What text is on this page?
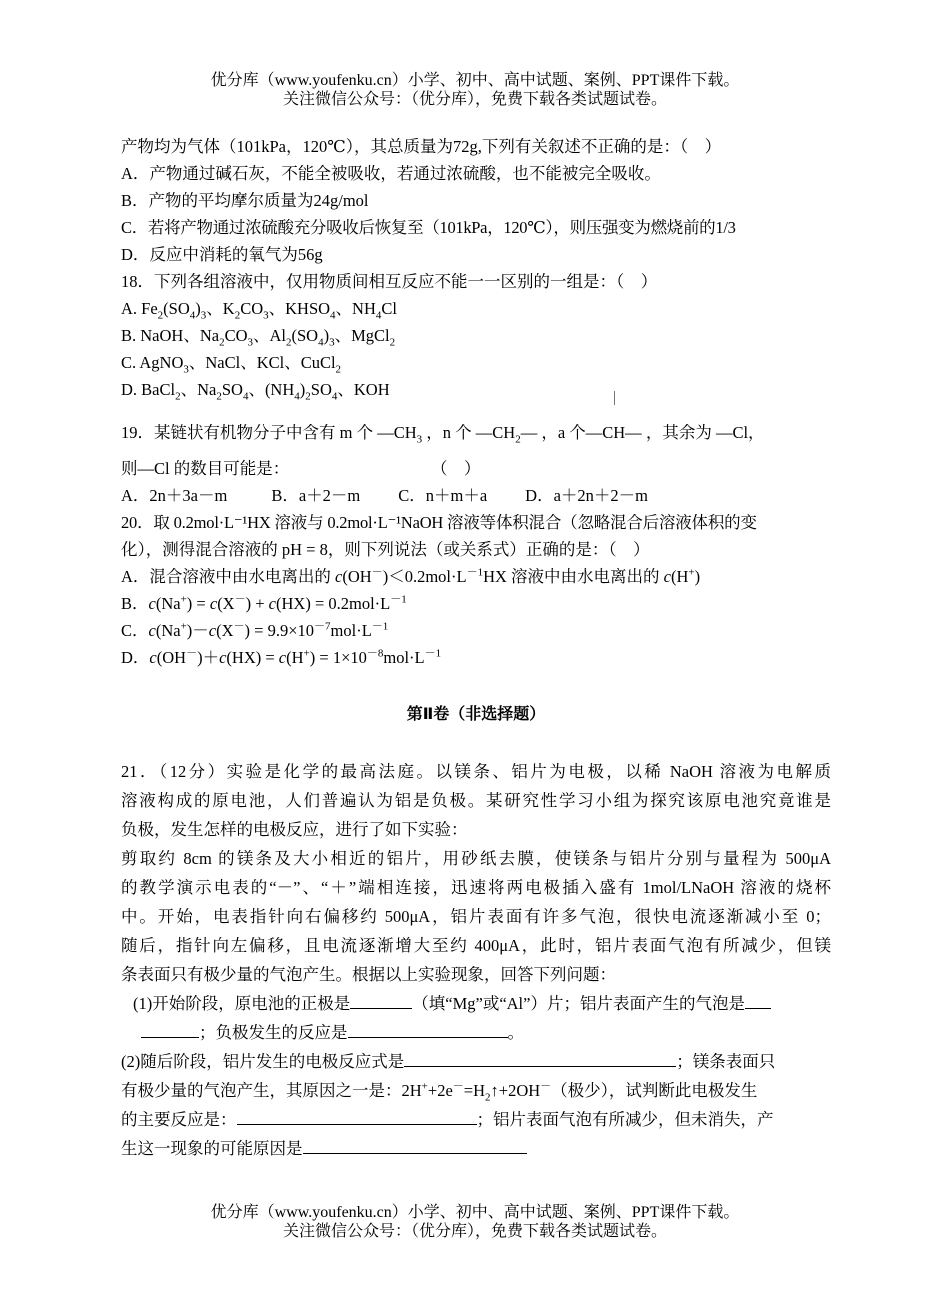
优分库（www.youfenku.cn）小学、初中、高中试题、案例、PPT课件下载。
关注微信公众号：（优分库），免费下载各类试题试卷。
产物均为气体（101kPa，120℃），其总质量为72g,下列有关叙述不正确的是：（　）
A．产物通过碱石灰，不能全被吸收，若通过浓硫酸，也不能被完全吸收。
B．产物的平均摩尔质量为24g/mol
C．若将产物通过浓硫酸充分吸收后恢复至（101kPa，120℃），则压强变为燃烧前的1/3
D．反应中消耗的氧气为56g
18．下列各组溶液中，仅用物质间相互反应不能一一区别的一组是：（　）
A. $Fe_2(SO_4)_3$、$K_2CO_3$、$KHSO_4$、$NH_4Cl$
B. NaOH、$Na_2CO_3$、$Al_2(SO_4)_3$、MgCl$_2$
C. AgNO$_3$、NaCl、KCl、CuCl$_2$
D. BaCl$_2$、$Na_2SO_4$、$(NH_4)_2SO_4$、KOH
19．某链状有机物分子中含有 m 个 $—CH_3$ ，n 个 $—CH_2—$ ，a 个
—CH— ，其余为 —Cl，
则—Cl 的数目可能是：	（　）
A．2n＋3a－m	B．a＋2－m C．n＋m＋a D．a＋2n＋2－m
20．取 0.2mol·L⁻¹HX 溶液与 0.2mol·L⁻¹NaOH 溶液等体积混合（忽略混合后溶液体积的变
化），测得混合溶液的 pH = 8，则下列说法（或关系式）正确的是：（　）
A．混合溶液中由水电离出的 $c(OH^-)<0.2mol\cdot L^{-1}HX$ 溶液中由水电离出的 c(H+)
B．$c(Na^+) = c(X^-) + c(HX) = 0.2mol\cdot L^{-1}$
C．$c(Na^+)-c(X^-) = 9.9\times 10^{-7}mol\cdot L^{-1}$
D．$c(OH^-)+c(HX) = c(H^+) = 1\times 10^{-8}mol\cdot L^{-1}$
第Ⅱ卷（非选择题）
21．（12分）实验是化学的最高法庭。以镁条、铝片为电极，以稀 NaOH 溶液为电解质
溶液构成的原电池，人们普遍认为铝是负极。某研究性学习小组为探究该原电池究竟谁是
负极，发生怎样的电极反应，进行了如下实验：
剪取约 8cm 的镁条及大小相近的铝片，用砂纸去膜，使镁条与铝片分别与量程为 500μA
的教学演示电表的“－”、“＋”端相连接，迅速将两电极插入盛有 1mol/LNaOH 溶液的烧杯
中。开始，电表指针向右偏移约 500μA，铝片表面有许多气泡，很快电流逐渐减小至 0；
随后，指针向左偏移，且电流逐渐增大至约 400μA，此时，铝片表面气泡有所减少，但镁
条表面只有极少量的气泡产生。根据以上实验现象，回答下列问题：
(1)开始阶段，原电池的正极是	（填“Mg”或“Al”）片；铝片表面产生的气泡是
；负极发生的反应是	。
(2)随后阶段，铝片发生的电极反应式是	；镁条表面只
有极少量的气泡产生，其原因之一是：$2H^++2e^-=H_2↑+2OH^-$（极少），试判断此电极发生
的主要反应是：	；铝片表面气泡有所减少，但未消失，产
生这一现象的可能原因是
优分库（www.youfenku.cn）小学、初中、高中试题、案例、PPT课件下载。
关注微信公众号：（优分库），免费下载各类试题试卷。
